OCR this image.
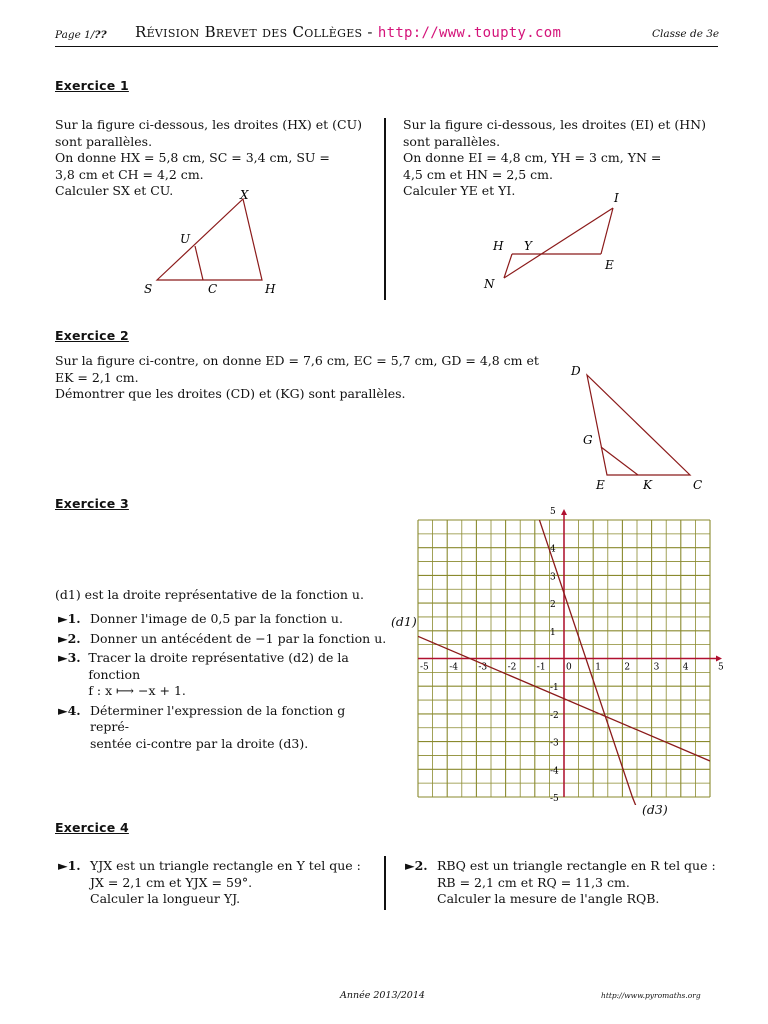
Page 1/?? Révision Brevet des Collèges - http://www.toupty.com	Classe de 3e
Exercice 1
Sur la figure ci-dessous, les droites (HX) et (CU)
sont parallèles.
On donne HX = 5,8 cm, SC = 3,4 cm, SU =
3,8 cm et CH = 4,2 cm.
Calculer SX et CU.
Sur la figure ci-dessous, les droites (EI) et (HN)
sont parallèles.
On donne EI = 4,8 cm, YH = 3 cm, YN =
4,5 cm et HN = 2,5 cm.
Calculer YE et YI.
X
U
S	C	H
I
H Y
E
N
Exercice 2
Sur la figure ci-contre, on donne ED = 7,6 cm, EC = 5,7 cm, GD = 4,8 cm et
EK = 2,1 cm.
Démontrer que les droites (CD) et (KG) sont parallèles.
D
G
E	K	C
Exercice 3
(d1) est la droite représentative de la fonction u.
►1. Donner l'image de 0,5 par la fonction u.
►2. Donner un antécédent de −1 par la fonction u.
►3. Tracer la droite représentative (d2) de la fonction
f : x ⟼ −x + 1.
►4. Déterminer l'expression de la fonction g repré-
sentée ci-contre par la droite (d3).
(d1)
(d3)
-5 -4 -3 -2 -1 0	1	2	3	4	5
-5
-4
-3
-2
-1
1
2
3
4
5
Exercice 4
►1. YJX est un triangle rectangle en Y tel que :
JX = 2,1 cm et YJX = 59°.
Calculer la longueur YJ.
►2. RBQ est un triangle rectangle en R tel que :
RB = 2,1 cm et RQ = 11,3 cm.
Calculer la mesure de l'angle RQB.
Année 2013/2014	http://www.pyromaths.org
